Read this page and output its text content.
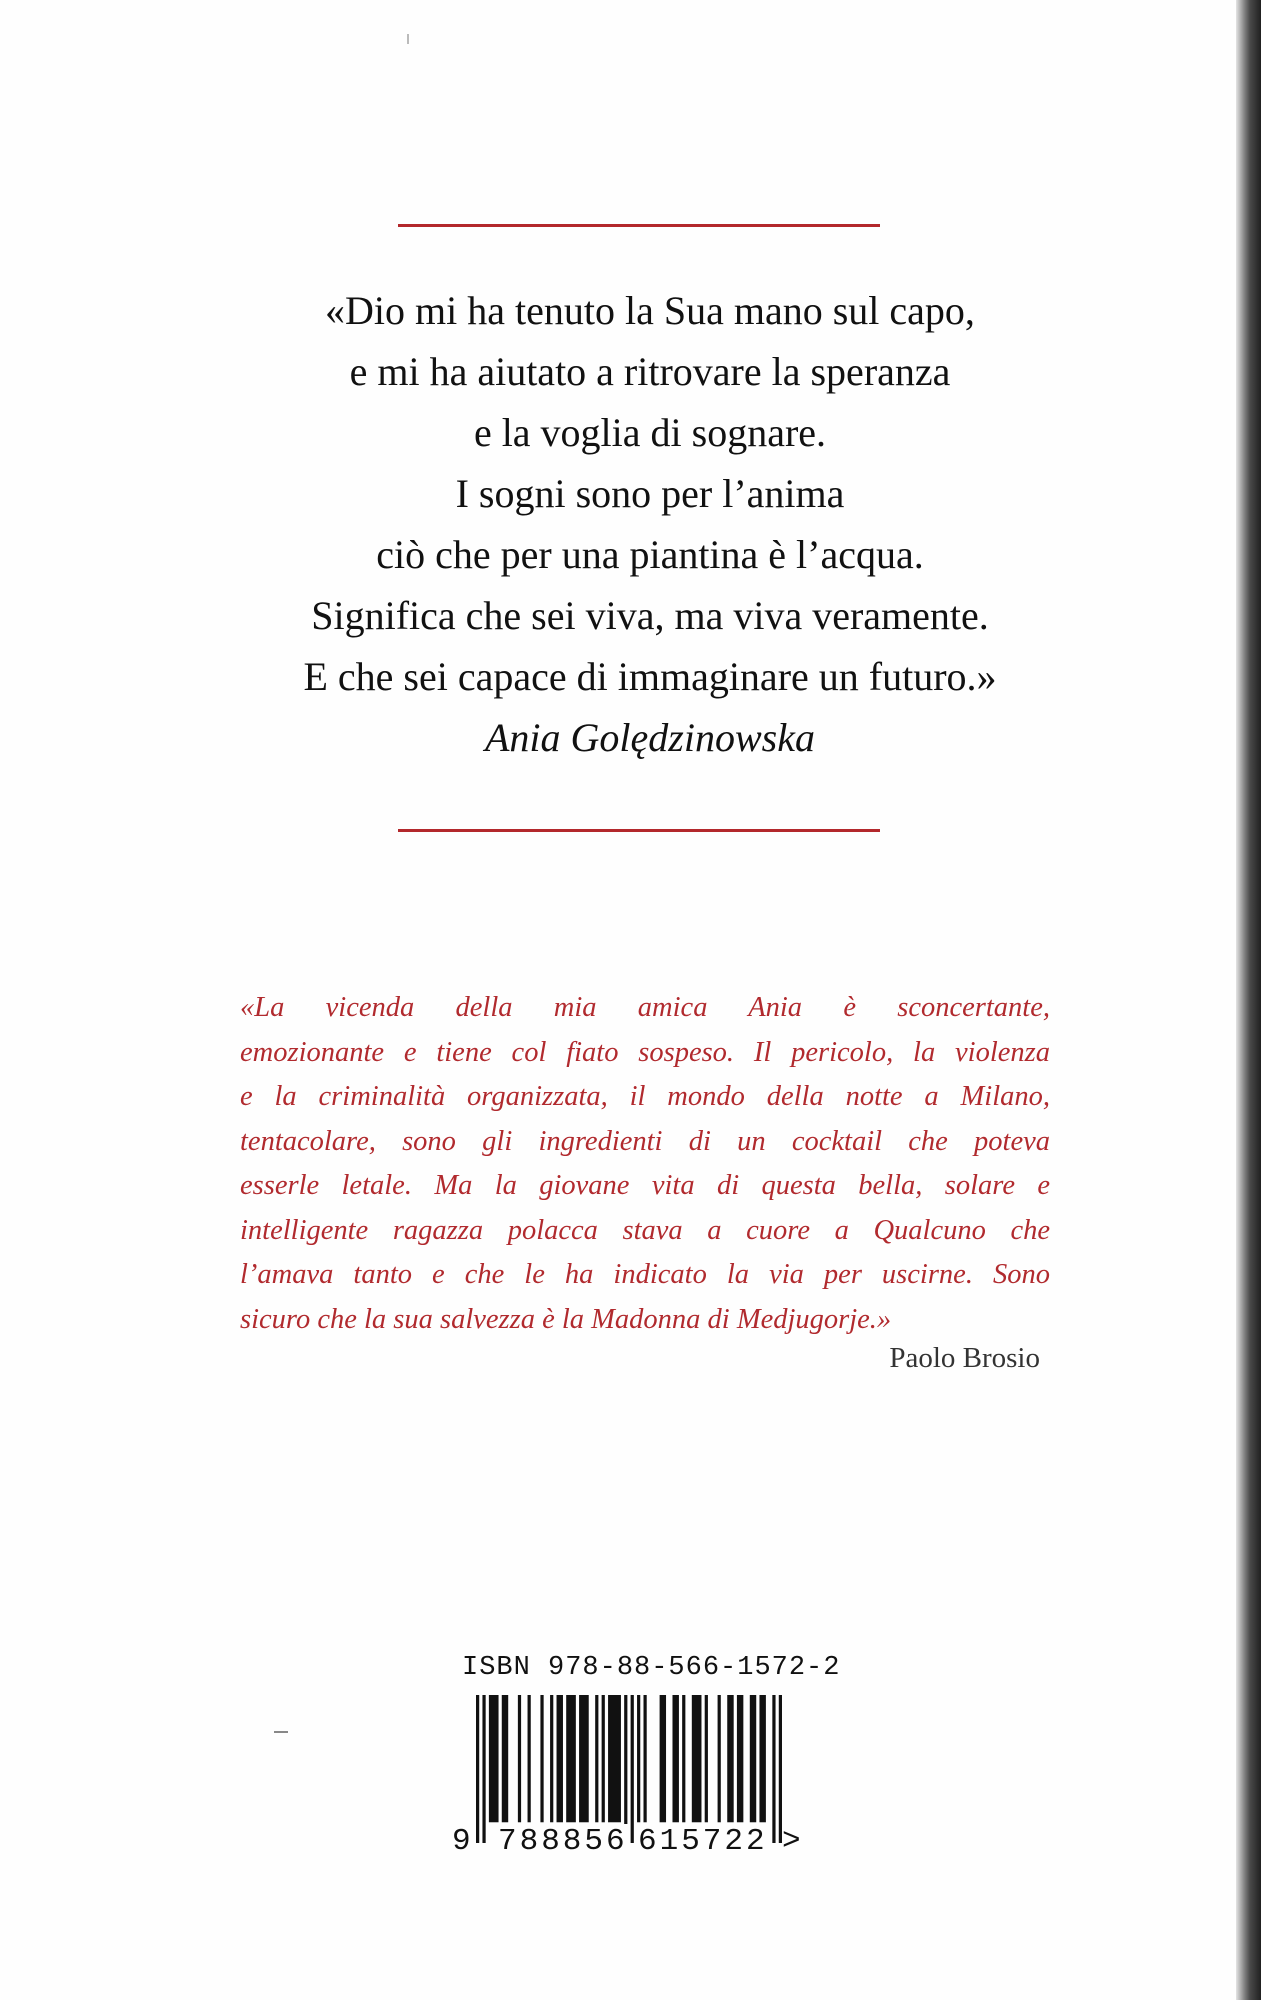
«Dio mi ha tenuto la Sua mano sul capo,
e mi ha aiutato a ritrovare la speranza
e la voglia di sognare.
I sogni sono per l’anima
ciò che per una piantina è l’acqua.
Significa che sei viva, ma viva veramente.
E che sei capace di immaginare un futuro.»
Ania Golędzinowska
«La vicenda della mia amica Ania è sconcertante,
emozionante e tiene col fiato sospeso. Il pericolo, la violenza
e la criminalità organizzata, il mondo della notte a Milano,
tentacolare, sono gli ingredienti di un cocktail che poteva
esserle letale. Ma la giovane vita di questa bella, solare e
intelligente ragazza polacca stava a cuore a Qualcuno che
l’amava tanto e che le ha indicato la via per uscirne. Sono
sicuro che la sua salvezza è la Madonna di Medjugorje.»
Paolo Brosio
ISBN 978-88-566-1572-2
9 788856 615722 >
